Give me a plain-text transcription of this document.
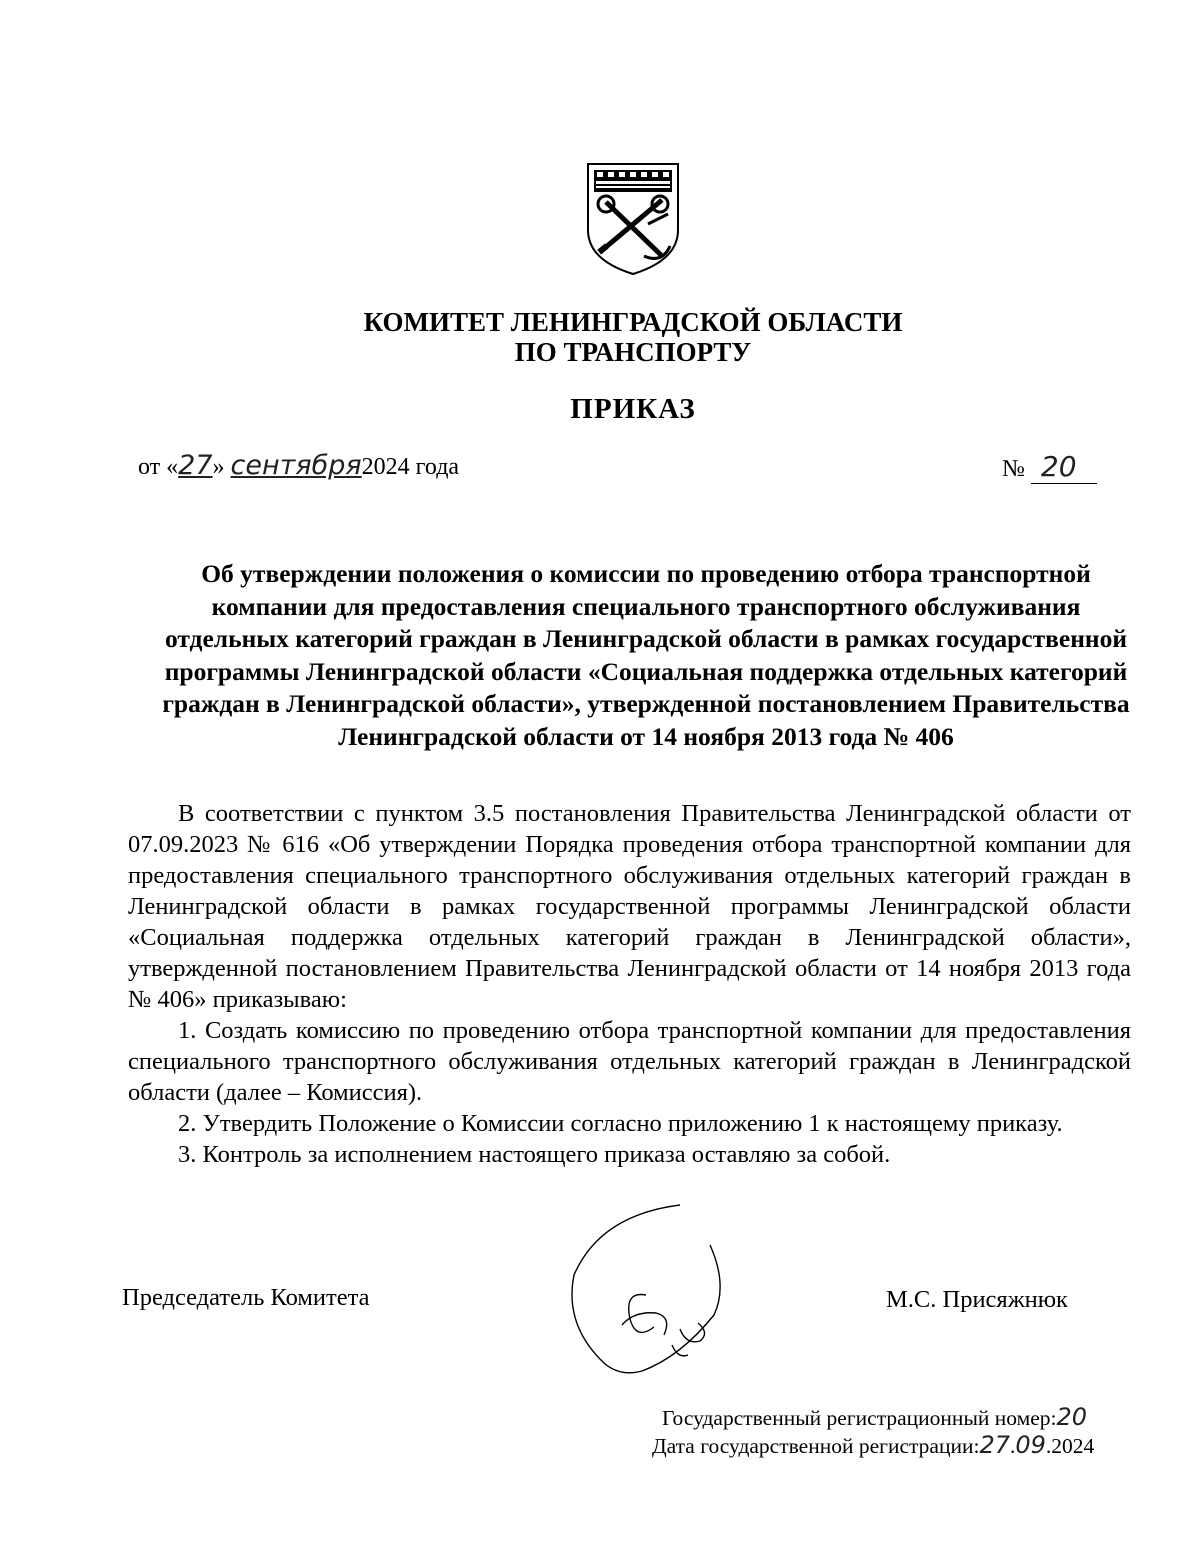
КОМИТЕТ ЛЕНИНГРАДСКОЙ ОБЛАСТИ
ПО ТРАНСПОРТУ
ПРИКАЗ
от «27» сентября2024 года	№ 20
Об утверждении положения о комиссии по проведению отбора транспортной компании для предоставления специального транспортного обслуживания отдельных категорий граждан в Ленинградской области в рамках государственной программы Ленинградской области «Социальная поддержка отдельных категорий граждан в Ленинградской области», утвержденной постановлением Правительства Ленинградской области от 14 ноября 2013 года № 406

В соответствии с пунктом 3.5 постановления Правительства Ленинградской области от 07.09.2023 № 616 «Об утверждении Порядка проведения отбора транспортной компании для предоставления специального транспортного обслуживания отдельных категорий граждан в Ленинградской области в рамках государственной программы Ленинградской области «Социальная поддержка отдельных категорий граждан в Ленинградской области», утвержденной постановлением Правительства Ленинградской области от 14 ноября 2013 года № 406» приказываю:

1. Создать комиссию по проведению отбора транспортной компании для предоставления специального транспортного обслуживания отдельных категорий граждан в Ленинградской области (далее – Комиссия).

2. Утвердить Положение о Комиссии согласно приложению 1 к настоящему приказу.

3. Контроль за исполнением настоящего приказа оставляю за собой.

Председатель Комитета	М.С. Присяжнюк
Государственный регистрационный номер:20
Дата государственной регистрации:27.09.2024
